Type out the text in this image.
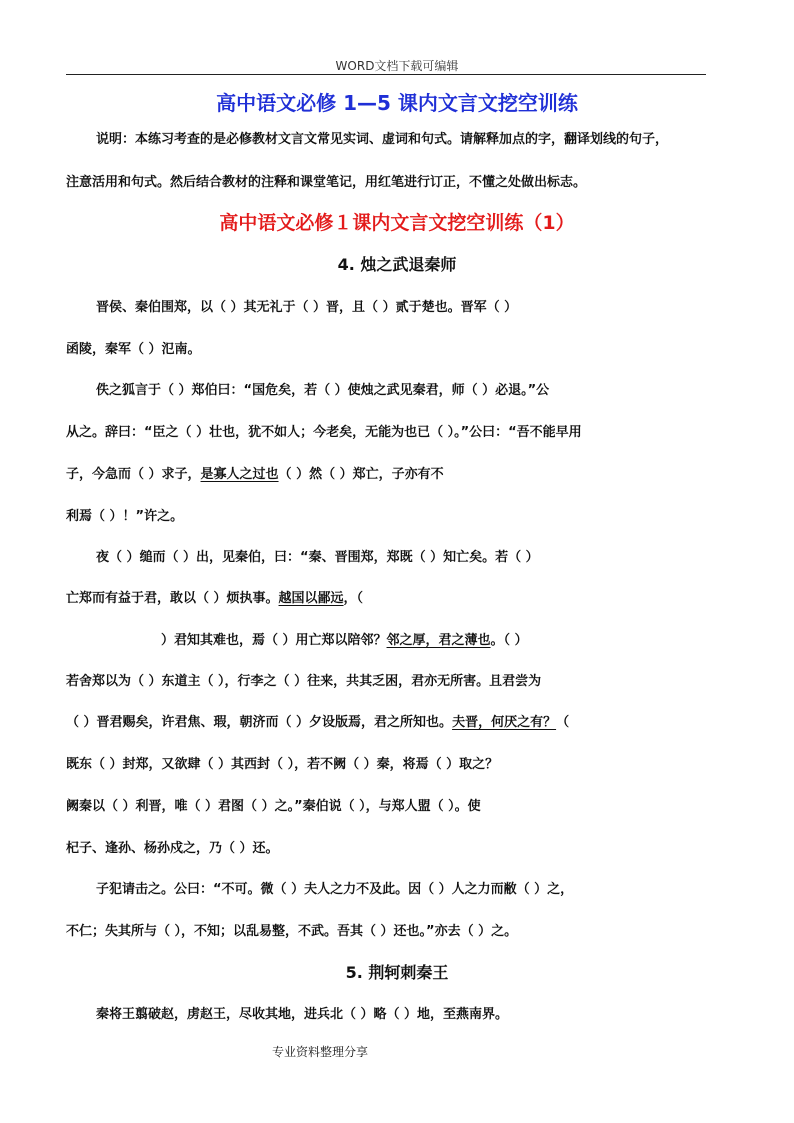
WORD文档下载可编辑
高中语文必修 1—5 课内文言文挖空训练
说明：本练习考查的是必修教材文言文常见实词、虚词和句式。请解释加点的字，翻译划线的句子，
注意活用和句式。然后结合教材的注释和课堂笔记，用红笔进行订正，不懂之处做出标志。
高中语文必修１课内文言文挖空训练（1）
4. 烛之武退秦师
晋侯、秦伯围郑，以（ ）其无礼于（ ）晋，且（ ）贰于楚也。晋军（ ）
函陵，秦军（ ）氾南。
佚之狐言于（ ）郑伯曰：“国危矣，若（ ）使烛之武见秦君，师（ ）必退。”公
从之。辞曰：“臣之（ ）壮也，犹不如人；今老矣，无能为也已（ ）。”公曰：“吾不能早用
子，今急而（ ）求子，是寡人之过也（ ）然（ ）郑亡，子亦有不
利焉（ ）！”许之。
夜（ ）缒而（ ）出，见秦伯，曰：“秦、晋围郑，郑既（ ）知亡矣。若（ ）
亡郑而有益于君，敢以（ ）烦执事。越国以鄙远，（
）君知其难也，焉（ ）用亡郑以陪邻？邻之厚，君之薄也。（ ）
若舍郑以为（ ）东道主（ ），行李之（ ）往来，共其乏困，君亦无所害。且君尝为
（ ）晋君赐矣，许君焦、瑕，朝济而（ ）夕设版焉，君之所知也。夫晋，何厌之有？（
既东（ ）封郑，又欲肆（ ）其西封（ ），若不阙（ ）秦，将焉（ ）取之？
阙秦以（ ）利晋，唯（ ）君图（ ）之。”秦伯说（ ），与郑人盟（ ）。使
杞子、逢孙、杨孙戍之，乃（ ）还。
子犯请击之。公曰：“不可。微（ ）夫人之力不及此。因（ ）人之力而敝（ ）之，
不仁；失其所与（ ），不知；以乱易整，不武。吾其（ ）还也。”亦去（ ）之。
5. 荆轲刺秦王
秦将王翦破赵，虏赵王，尽收其地，进兵北（ ）略（ ）地，至燕南界。
专业资料整理分享
